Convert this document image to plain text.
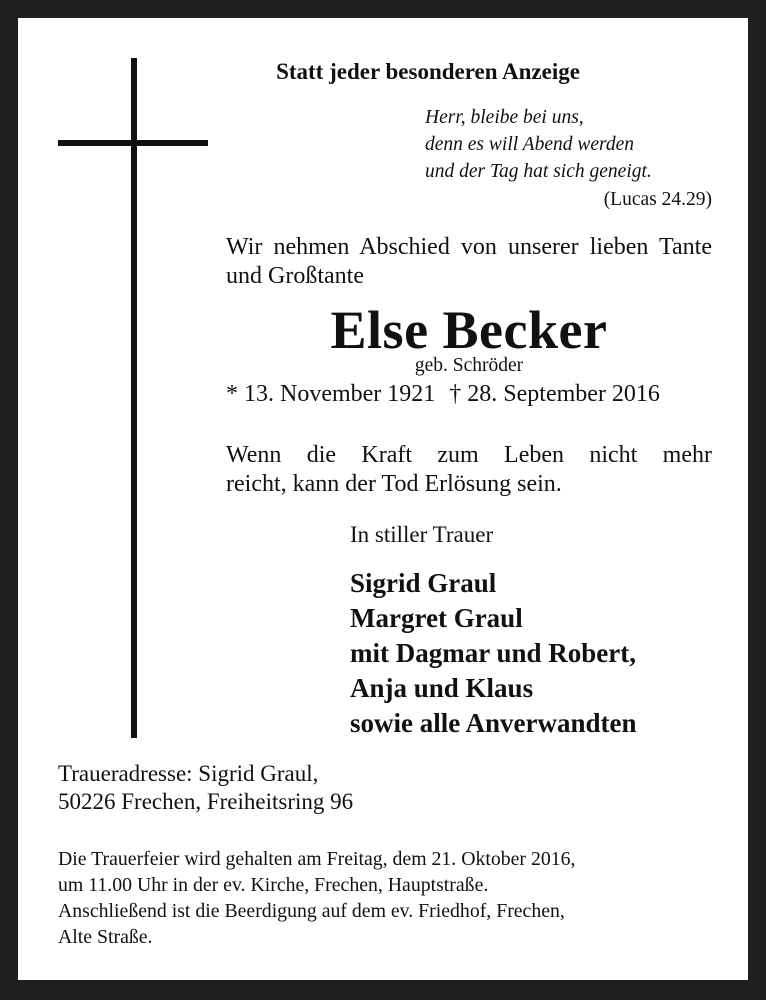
Statt jeder besonderen Anzeige
Herr, bleibe bei uns,
denn es will Abend werden
und der Tag hat sich geneigt.
(Lucas 24.29)
Wir nehmen Abschied von unserer lieben Tante und Großtante
Else Becker
geb. Schröder
* 13. November 1921 † 28. September 2016
Wenn die Kraft zum Leben nicht mehr
reicht, kann der Tod Erlösung sein.
In stiller Trauer
Sigrid Graul
Margret Graul
mit Dagmar und Robert,
Anja und Klaus
sowie alle Anverwandten
Traueradresse: Sigrid Graul,
50226 Frechen, Freiheitsring 96
Die Trauerfeier wird gehalten am Freitag, dem 21. Oktober 2016,
um 11.00 Uhr in der ev. Kirche, Frechen, Hauptstraße.
Anschließend ist die Beerdigung auf dem ev. Friedhof, Frechen,
Alte Straße.
